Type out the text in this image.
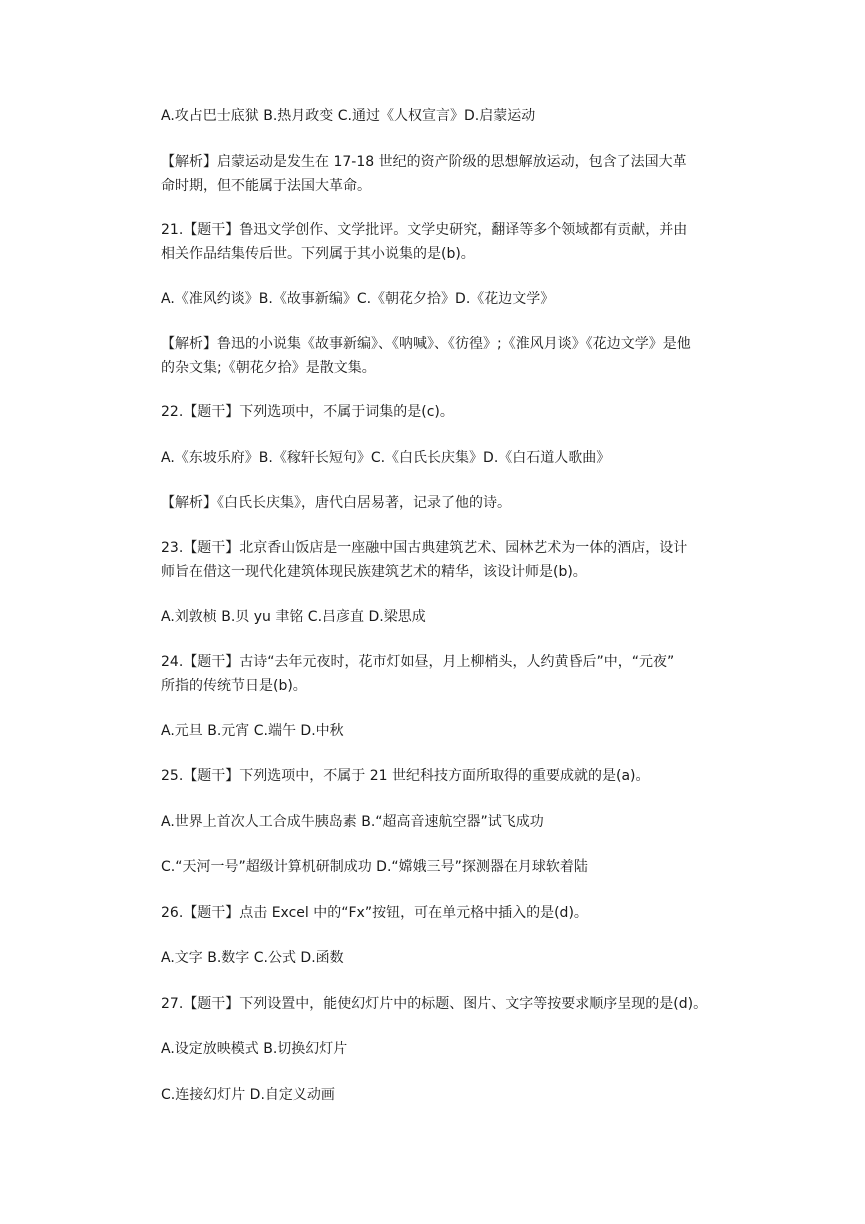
A.攻占巴士底狱 B.热月政变 C.通过《人权宣言》D.启蒙运动

【解析】启蒙运动是发生在 17-18 世纪的资产阶级的思想解放运动，包含了法国大革

命时期，但不能属于法国大革命。

21.【题干】鲁迅文学创作、文学批评。文学史研究，翻译等多个领域都有贡献，并由

相关作品结集传后世。下列属于其小说集的是(b)。

A.《准风约谈》B.《故事新编》C.《朝花夕拾》D.《花边文学》

【解析】鲁迅的小说集《故事新编》、《呐喊》、《彷徨》;《淮风月谈》《花边文学》是他

的杂文集;《朝花夕拾》是散文集。

22.【题干】下列选项中，不属于词集的是(c)。

A.《东坡乐府》B.《稼轩长短句》C.《白氏长庆集》D.《白石道人歌曲》

【解析】《白氏长庆集》，唐代白居易著，记录了他的诗。

23.【题干】北京香山饭店是一座融中国古典建筑艺术、园林艺术为一体的酒店，设计

师旨在借这一现代化建筑体现民族建筑艺术的精华，该设计师是(b)。

A.刘敦桢 B.贝 yu 聿铭 C.吕彦直 D.梁思成

24.【题干】古诗“去年元夜时，花市灯如昼，月上柳梢头，人约黄昏后”中，“元夜”

所指的传统节日是(b)。

A.元旦 B.元宵 C.端午 D.中秋

25.【题干】下列选项中，不属于 21 世纪科技方面所取得的重要成就的是(a)。

A.世界上首次人工合成牛胰岛素 B.“超高音速航空器”试飞成功

C.“天河一号”超级计算机研制成功 D.“嫦娥三号”探测器在月球软着陆

26.【题干】点击 Excel 中的“Fx”按钮，可在单元格中插入的是(d)。

A.文字 B.数字 C.公式 D.函数

27.【题干】下列设置中，能使幻灯片中的标题、图片、文字等按要求顺序呈现的是(d)。

A.设定放映模式 B.切换幻灯片

C.连接幻灯片 D.自定义动画
